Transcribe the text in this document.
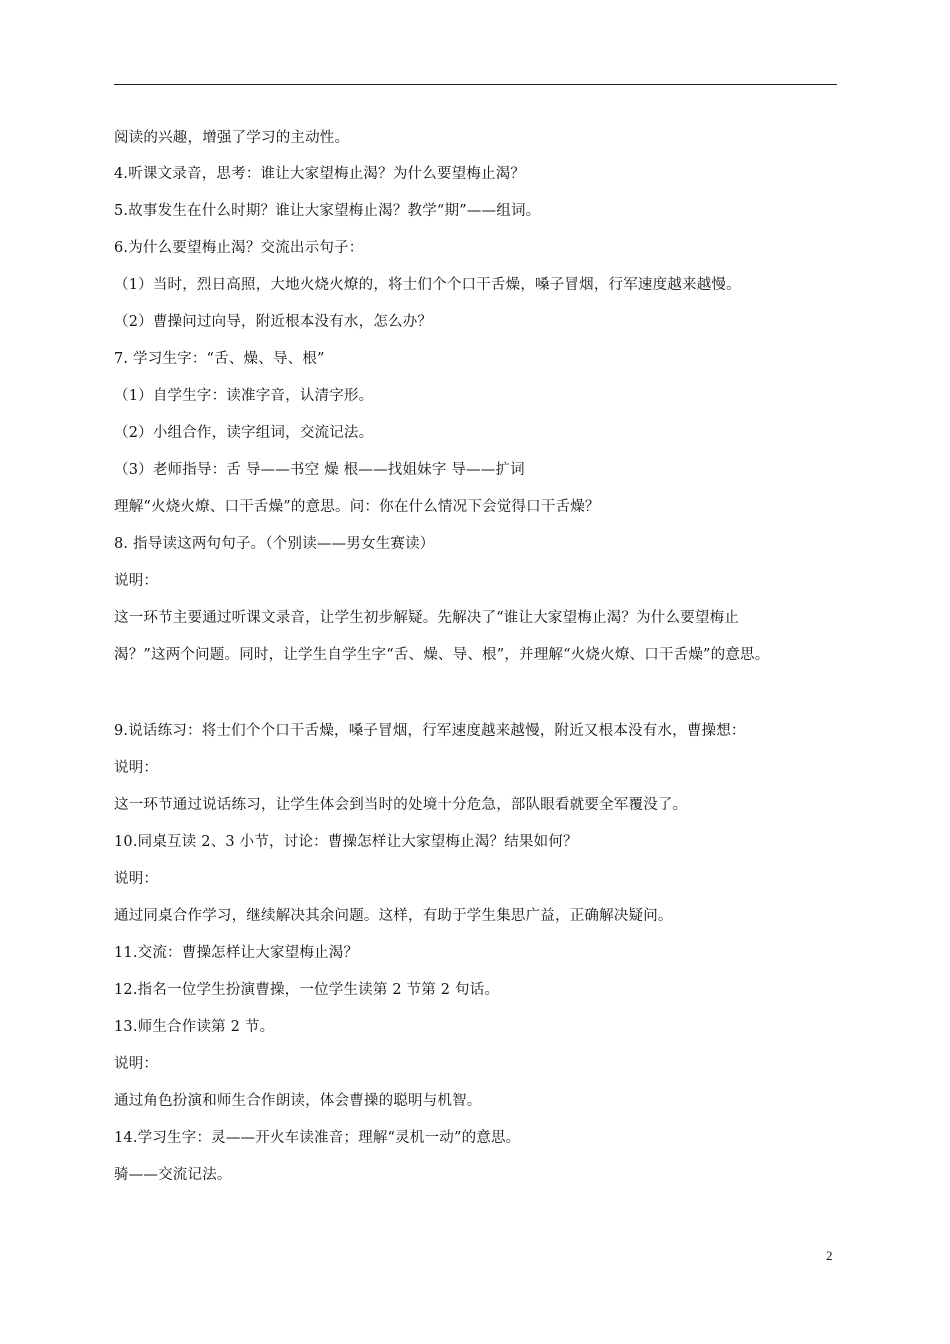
阅读的兴趣，增强了学习的主动性。
4.听课文录音，思考：谁让大家望梅止渴？为什么要望梅止渴？
5.故事发生在什么时期？谁让大家望梅止渴？教学“期”——组词。
6.为什么要望梅止渴？交流出示句子：
（1）当时，烈日高照，大地火烧火燎的，将士们个个口干舌燥，嗓子冒烟，行军速度越来越慢。
（2）曹操问过向导，附近根本没有水，怎么办？
7. 学习生字：“舌、燥、导、根”
（1）自学生字：读准字音，认清字形。
（2）小组合作，读字组词，交流记法。
（3）老师指导：舌 导——书空 燥 根——找姐妹字 导——扩词
理解“火烧火燎、口干舌燥”的意思。问：你在什么情况下会觉得口干舌燥？
8. 指导读这两句句子。（个别读——男女生赛读）
说明：
这一环节主要通过听课文录音，让学生初步解疑。先解决了“谁让大家望梅止渴？为什么要望梅止
渴？”这两个问题。同时，让学生自学生字“舌、燥、导、根”，并理解“火烧火燎、口干舌燥”的意思。
9.说话练习：将士们个个口干舌燥，嗓子冒烟，行军速度越来越慢，附近又根本没有水，曹操想：
说明：
这一环节通过说话练习，让学生体会到当时的处境十分危急，部队眼看就要全军覆没了。
10.同桌互读 2、3 小节，讨论：曹操怎样让大家望梅止渴？结果如何？
说明：
通过同桌合作学习，继续解决其余问题。这样，有助于学生集思广益，正确解决疑问。
11.交流：曹操怎样让大家望梅止渴？
12.指名一位学生扮演曹操，一位学生读第 2 节第 2 句话。
13.师生合作读第 2 节。
说明：
通过角色扮演和师生合作朗读，体会曹操的聪明与机智。
14.学习生字：灵——开火车读准音；理解“灵机一动”的意思。
骑——交流记法。
2
